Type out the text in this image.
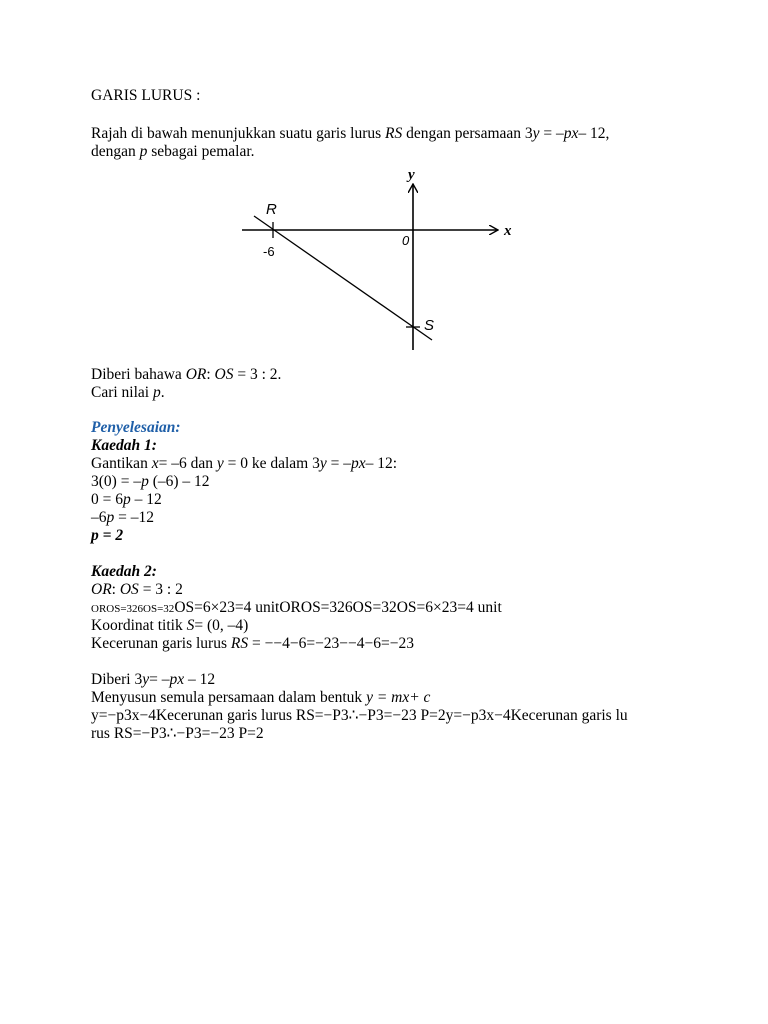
GARIS LURUS :
Rajah di bawah menunjukkan suatu garis lurus RS dengan persamaan 3y = –px– 12,
dengan p sebagai pemalar.
y
x
0
R
S
-6
Diberi bahawa OR: OS = 3 : 2.
Cari nilai p.
Penyelesaian:
Kaedah 1:
Gantikan x= –6 dan y = 0 ke dalam 3y = –px– 12:
3(0) = –p (–6) – 12
0 = 6p – 12
–6p = –12
p = 2
Kaedah 2:
OR: OS = 3 : 2
OROS=326OS=32OS=6×23=4 unitOROS=326OS=32OS=6×23=4 unit
Koordinat titik S= (0, –4)
Kecerunan garis lurus RS = −−4−6=−23−−4−6=−23
Diberi 3y= –px – 12
Menyusun semula persamaan dalam bentuk y = mx+ c
y=−p3x−4Kecerunan garis lurus RS=−P3∴−P3=−23 P=2y=−p3x−4Kecerunan garis lu
rus RS=−P3∴−P3=−23 P=2
